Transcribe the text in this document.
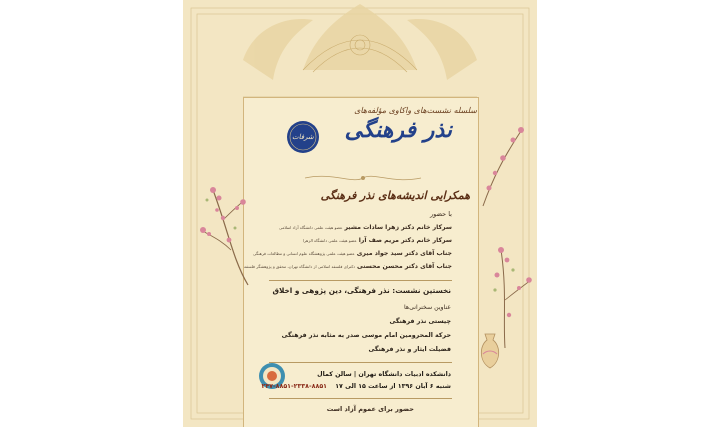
شرفات
سلسله نشست‌های واکاوی مؤلفه‌های
نذر فرهنگی
همکرایی اندیشه‌های نذر فرهنگی
با حضور
سرکار خانم دکتر زهرا سادات مشیر عضو هیئت علمی دانشگاه آزاد اسلامی
سرکار خانم دکتر مریم صف آرا عضو هیئت علمی دانشگاه الزهرا
جناب آقای دکتر سید جواد میری عضو هیئت علمی پژوهشگاه علوم انسانی و مطالعات فرهنگی
جناب آقای دکتر محسن محسنی دکترای فلسفه اسلامی از دانشگاه تهران، محقق و پژوهشگر فلسفه
نخستین نشست: نذر فرهنگی، دین پژوهی و اخلاق
عناوین سخنرانی‌ها
چیستی نذر فرهنگی
حرکة المحرومین امام موسی صدر به مثابه نذر فرهنگی
فضیلت ایثار و نذر فرهنگی
دانشکده ادبیات دانشگاه تهران | سالن کمال
شنبه ۶ آبان ۱۳۹۶ از ساعت ۱۵ الی ۱۷ ۸۸۵۱-۲۳۳۸-۸۸۵۱-۲۴۷
حضور برای عموم آزاد است
